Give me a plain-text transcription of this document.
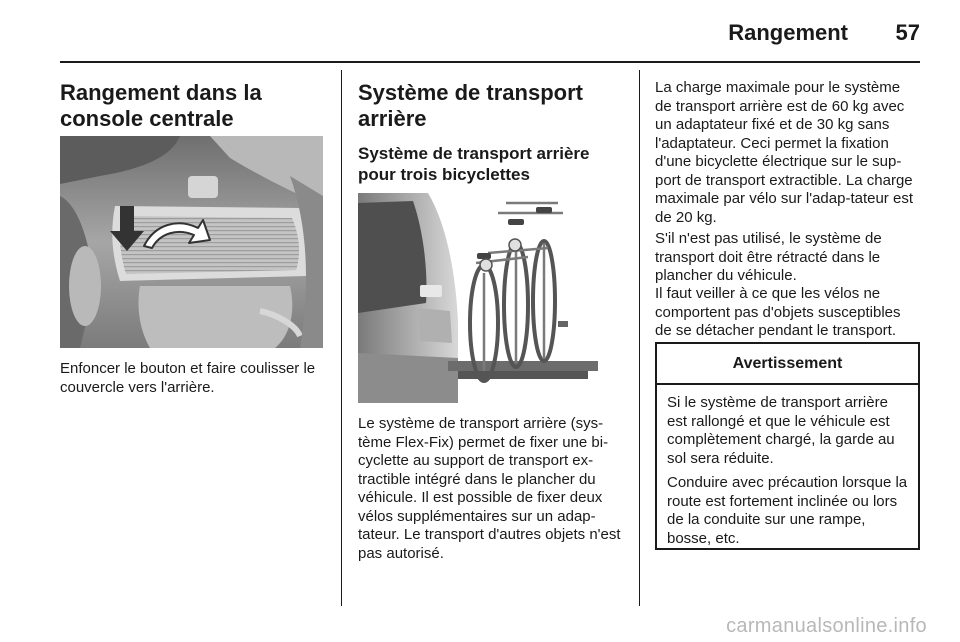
Rangement	57
Rangement dans la console centrale

Enfoncer le bouton et faire coulisser le couvercle vers l'arrière.

Système de transport arrière
Système de transport arrière pour trois bicyclettes

Le système de transport arrière (sys-tème Flex-Fix) permet de fixer une bi-cyclette au support de transport ex-tractible intégré dans le plancher du véhicule. Il est possible de fixer deux vélos supplémentaires sur un adap-tateur. Le transport d'autres objets n'est pas autorisé.

La charge maximale pour le système de transport arrière est de 60 kg avec un adaptateur fixé et de 30 kg sans l'adaptateur. Ceci permet la fixation d'une bicyclette électrique sur le sup-port de transport extractible. La charge maximale par vélo sur l'adap-tateur est de 20 kg.

S'il n'est pas utilisé, le système de transport doit être rétracté dans le plancher du véhicule.

Il faut veiller à ce que les vélos ne comportent pas d'objets susceptibles de se détacher pendant le transport.

Avertissement

Si le système de transport arrière est rallongé et que le véhicule est complètement chargé, la garde au sol sera réduite.

Conduire avec précaution lorsque la route est fortement inclinée ou lors de la conduite sur une rampe, bosse, etc.

carmanualsonline.info
